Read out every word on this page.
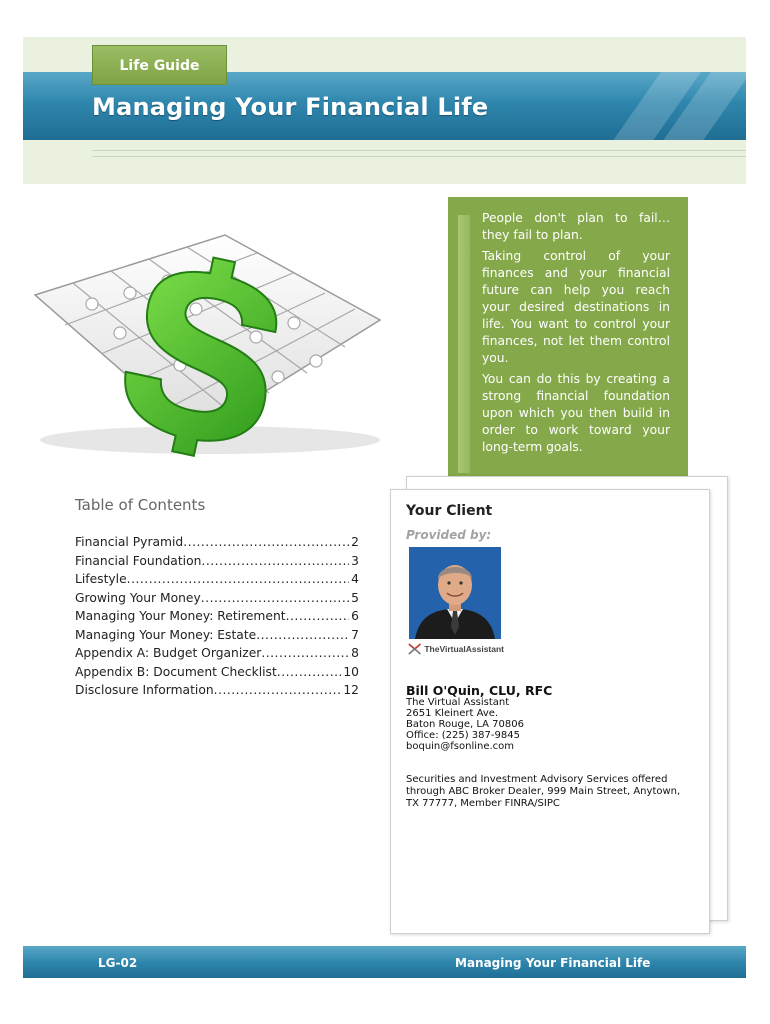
Life Guide
Managing Your Financial Life

People don't plan to fail… they fail to plan.

Taking control of your finances and your financial future can help you reach your desired destinations in life. You want to control your finances, not let them control you.

You can do this by creating a strong financial foundation upon which you then build in order to work toward your long-term goals.

Table of Contents
Financial Pyramid .....	2
Financial Foundation .....	3
Lifestyle .....	4
Growing Your Money .....	5
Managing Your Money: Retirement .....	6
Managing Your Money: Estate .....	7
Appendix A: Budget Organizer .....	8
Appendix B: Document Checklist .....	10
Disclosure Information .....	12
Your Client
Provided by:
TheVirtualAssistant
Bill O'Quin, CLU, RFC
The Virtual Assistant
2651 Kleinert Ave.
Baton Rouge, LA 70806
Office: (225) 387-9845
boquin@fsonline.com
Securities and Investment Advisory Services offered through ABC Broker Dealer, 999 Main Street, Anytown, TX 77777, Member FINRA/SIPC
LG-02	Managing Your Financial Life
